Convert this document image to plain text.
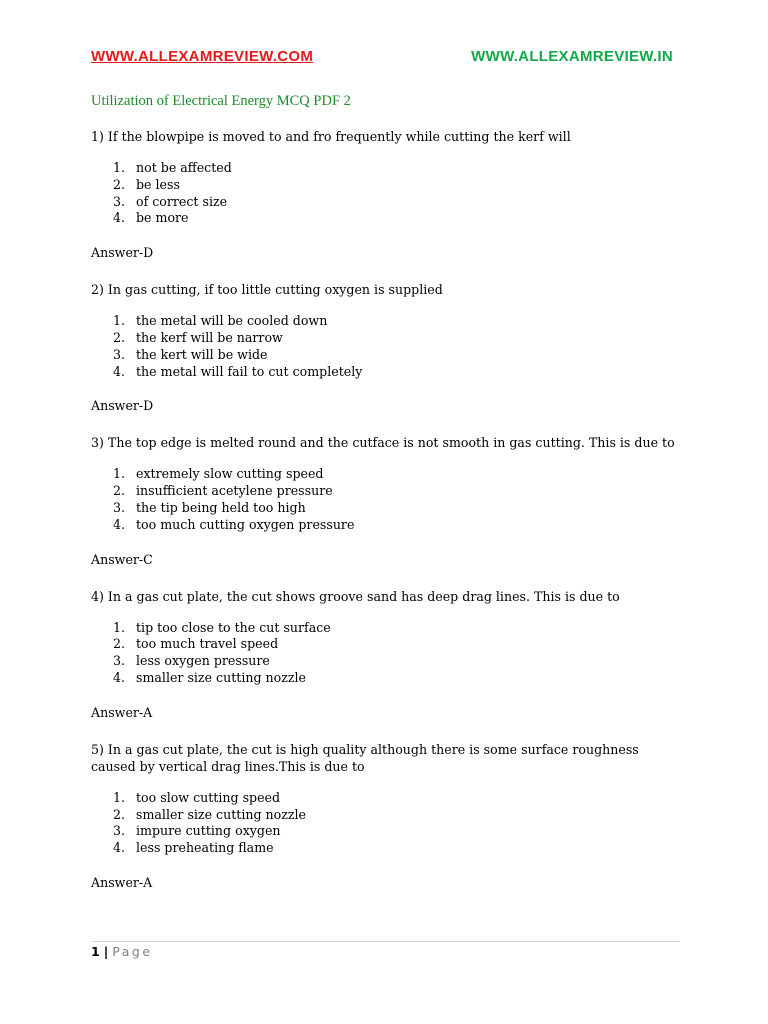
WWW.ALLEXAMREVIEW.COM	WWW.ALLEXAMREVIEW.IN
Utilization of Electrical Energy MCQ PDF 2
1) If the blowpipe is moved to and fro frequently while cutting the kerf will
1. not be affected
2. be less
3. of correct size
4. be more
Answer-D
2) In gas cutting, if too little cutting oxygen is supplied
1. the metal will be cooled down
2. the kerf will be narrow
3. the kert will be wide
4. the metal will fail to cut completely
Answer-D
3) The top edge is melted round and the cutface is not smooth in gas cutting. This is due to
1. extremely slow cutting speed
2. insufficient acetylene pressure
3. the tip being held too high
4. too much cutting oxygen pressure
Answer-C
4) In a gas cut plate, the cut shows groove sand has deep drag lines. This is due to
1. tip too close to the cut surface
2. too much travel speed
3. less oxygen pressure
4. smaller size cutting nozzle
Answer-A
5) In a gas cut plate, the cut is high quality although there is some surface roughness caused by vertical drag lines.This is due to
1. too slow cutting speed
2. smaller size cutting nozzle
3. impure cutting oxygen
4. less preheating flame
Answer-A
1 | Page
